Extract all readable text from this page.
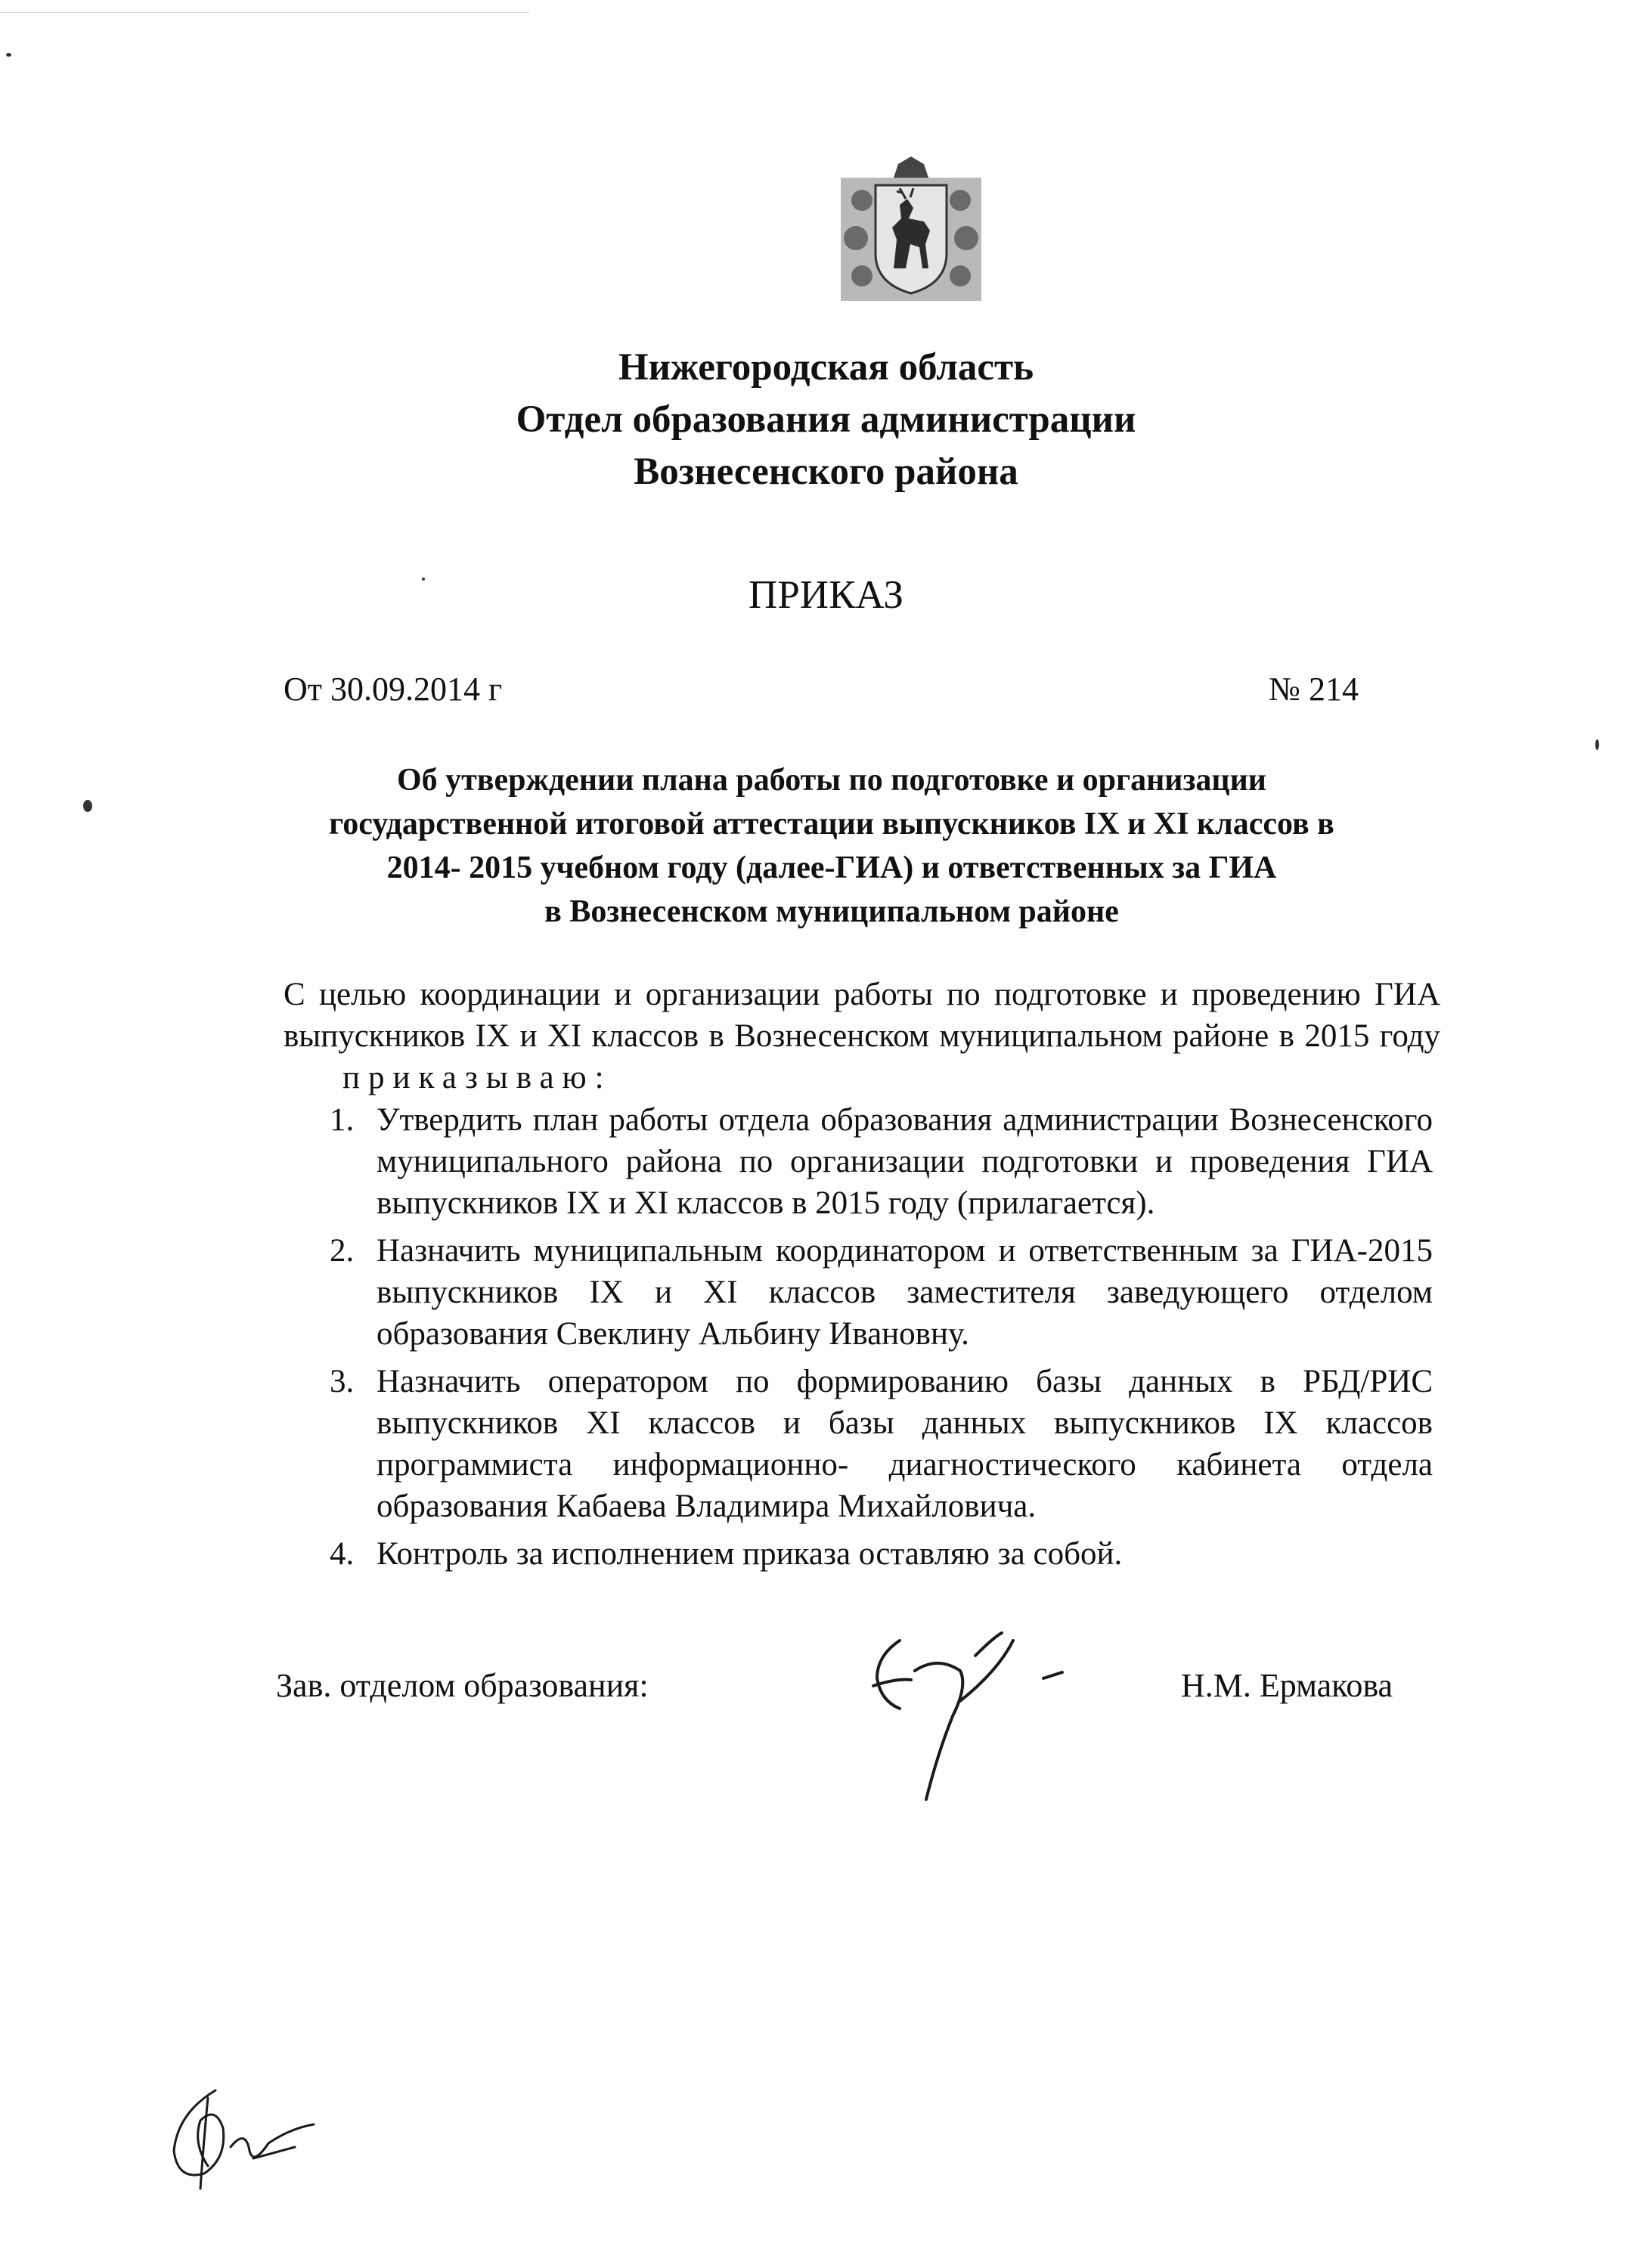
Нижегородская область
Отдел образования администрации
Вознесенского района
ПРИКАЗ
От 30.09.2014 г	№ 214
Об утверждении плана работы по подготовке и организации
государственной итоговой аттестации выпускников IX и XI классов в
2014- 2015 учебном году (далее-ГИА) и ответственных за ГИА
в Вознесенском муниципальном районе
С целью координации и организации работы по подготовке и проведению ГИА выпускников IX и XI классов в Вознесенском муниципальном районе в 2015 году приказываю:
1. Утвердить план работы отдела образования администрации Вознесенского муниципального района по организации подготовки и проведения ГИА выпускников IX и XI классов в 2015 году (прилагается).
2. Назначить муниципальным координатором и ответственным за ГИА-2015 выпускников IX и XI классов заместителя заведующего отделом образования Свеклину Альбину Ивановну.
3. Назначить оператором по формированию базы данных в РБД/РИС выпускников XI классов и базы данных выпускников IX классов программиста информационно- диагностического кабинета отдела образования Кабаева Владимира Михайловича.
4. Контроль за исполнением приказа оставляю за собой.
Зав. отделом образования:	Н.М. Ермакова
